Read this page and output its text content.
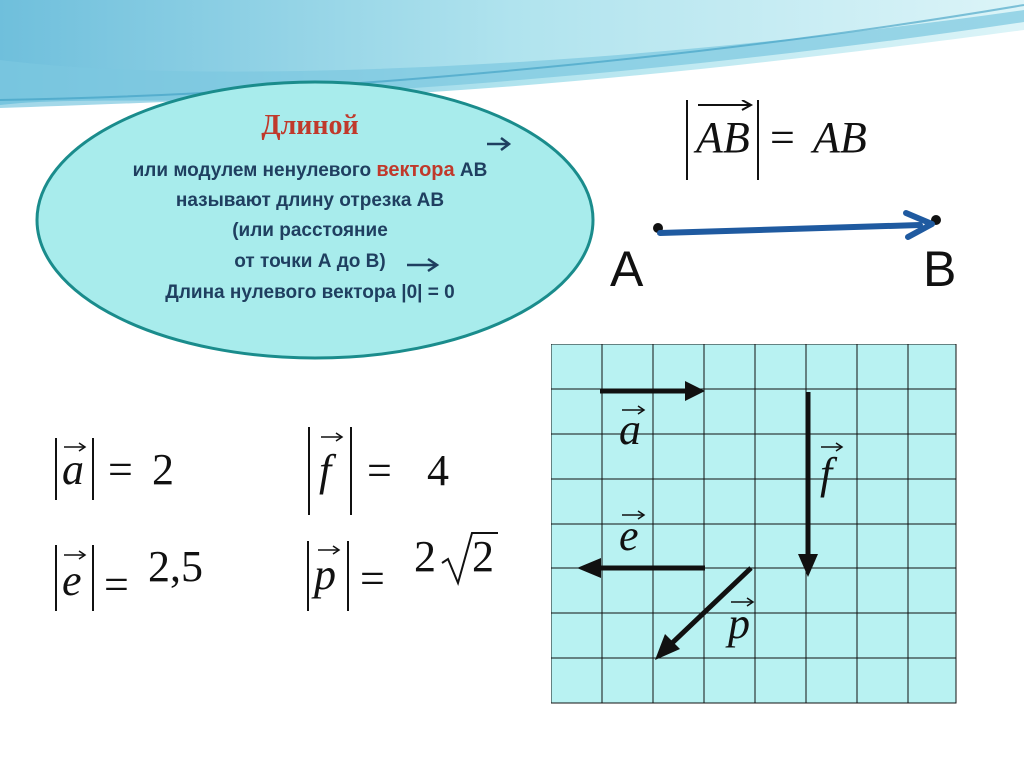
Длиной
или модулем ненулевого вектора АВ
называют длину отрезка АВ
(или расстояние
от точки А до В)
Длина нулевого вектора |0| = 0
AB = AB
A	B
a
f
e
p
a = 2	f = 4
e = 2,5	p = 2 2
